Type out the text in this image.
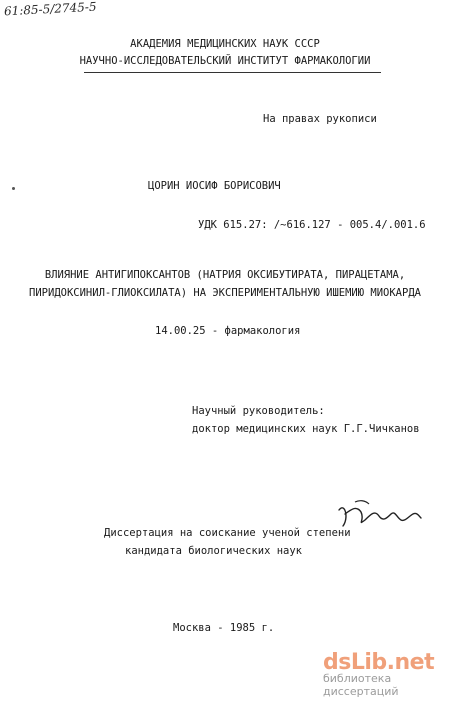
61:85-5/2745-5
АКАДЕМИЯ МЕДИЦИНСКИХ НАУК СССР
НАУЧНО-ИССЛЕДОВАТЕЛЬСКИЙ ИНСТИТУТ ФАРМАКОЛОГИИ
На правах рукописи
ЦОРИН ИОСИФ БОРИСОВИЧ
УДК 615.27: /~616.127 - 005.4/.001.6
ВЛИЯНИЕ АНТИГИПОКСАНТОВ (НАТРИЯ ОКСИБУТИРАТА, ПИРАЦЕТАМА,
ПИРИДОКСИНИЛ-ГЛИОКСИЛАТА) НА ЭКСПЕРИМЕНТАЛЬНУЮ ИШЕМИЮ МИОКАРДА
14.00.25 - фармакология
Научный руководитель:
доктор медицинских наук Г.Г.Чичканов
Диссертация на соискание ученой степени
кандидата биологических наук
Москва - 1985 г.
dsLib.net
библиотека диссертаций
